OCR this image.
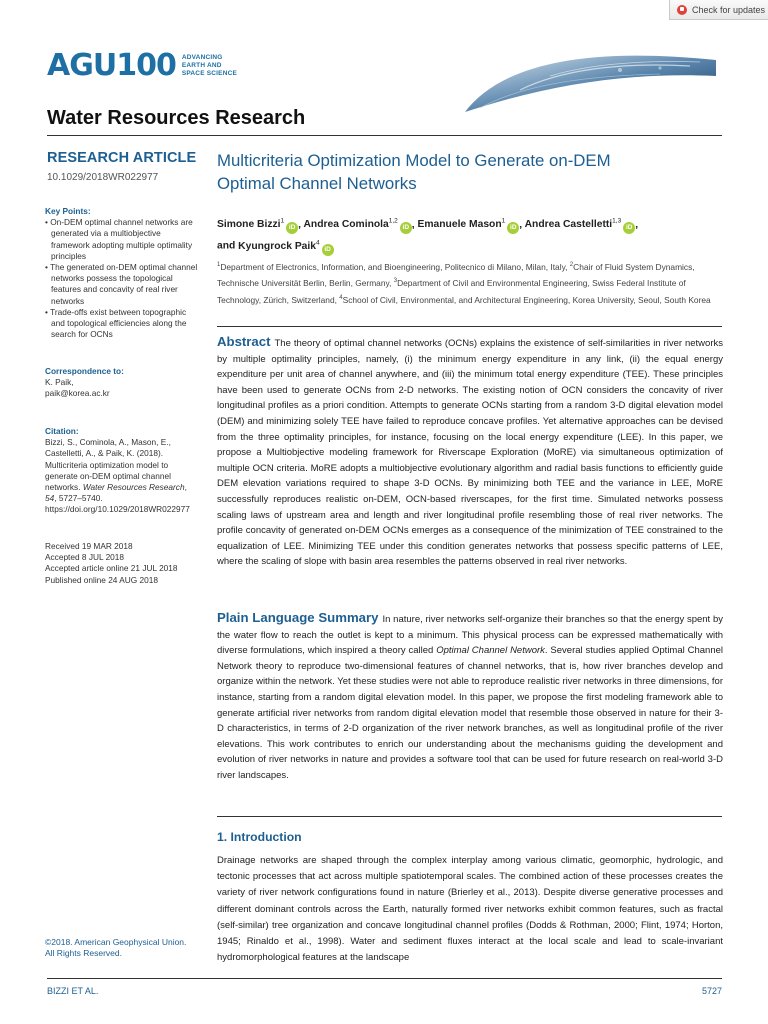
Check for updates
AGU100 ADVANCING
EARTH AND
SPACE SCIENCE
Water Resources Research
RESEARCH ARTICLE
10.1029/2018WR022977
Key Points:
• On-DEM optimal channel networks are generated via a multiobjective framework adopting multiple optimality principles
• The generated on-DEM optimal channel networks possess the topological features and concavity of real river networks
• Trade-offs exist between topographic and topological efficiencies along the search for OCNs
Correspondence to:
K. Paik,
paik@korea.ac.kr
Citation:
Bizzi, S., Cominola, A., Mason, E., Castelletti, A., & Paik, K. (2018). Multicriteria optimization model to generate on-DEM optimal channel networks. Water Resources Research, 54, 5727–5740.
https://doi.org/10.1029/2018WR022977
Received 19 MAR 2018
Accepted 8 JUL 2018
Accepted article online 21 JUL 2018
Published online 24 AUG 2018
©2018. American Geophysical Union.
All Rights Reserved.
Multicriteria Optimization Model to Generate on-DEM
Optimal Channel Networks
Simone Bizzi$^1$iD , Andrea Cominola$^{1,2}$iD , Emanuele Mason$^1$iD , Andrea Castelletti$^{1,3}$iD ,
and Kyungrock Paik$^4$iD
$^1$Department of Electronics, Information, and Bioengineering, Politecnico di Milano, Milan, Italy, $^2$Chair of Fluid System Dynamics, Technische Universität Berlin, Berlin, Germany, $^3$Department of Civil and Environmental Engineering, Swiss Federal Institute of Technology, Zürich, Switzerland, $^4$School of Civil, Environmental, and Architectural Engineering, Korea University, Seoul, South Korea
Abstract The theory of optimal channel networks (OCNs) explains the existence of self-similarities in river networks by multiple optimality principles, namely, (i) the minimum energy expenditure in any link, (ii) the equal energy expenditure per unit area of channel anywhere, and (iii) the minimum total energy expenditure (TEE). These principles have been used to generate OCNs from 2-D networks. The existing notion of OCN considers the concavity of river longitudinal profiles as a priori condition. Attempts to generate OCNs starting from a random 3-D digital elevation model (DEM) and minimizing solely TEE have failed to reproduce concave profiles. Yet alternative approaches can be devised from the three optimality principles, for instance, focusing on the local energy expenditure (LEE). In this paper, we propose a Multiobjective modeling framework for Riverscape Exploration (MoRE) via simultaneous optimization of multiple OCN criteria. MoRE adopts a multiobjective evolutionary algorithm and radial basis functions to efficiently guide DEM elevation variations required to shape 3-D OCNs. By minimizing both TEE and the variance in LEE, MoRE successfully reproduces realistic on-DEM, OCN-based riverscapes, for the first time. Simulated networks possess scaling laws of upstream area and length and river longitudinal profile resembling those of real river networks. The profile concavity of generated on-DEM OCNs emerges as a consequence of the minimization of TEE constrained to the equalization of LEE. Minimizing TEE under this condition generates networks that possess specific patterns of LEE, where the scaling of slope with basin area resembles the patterns observed in real river networks.
Plain Language Summary In nature, river networks self-organize their branches so that the energy spent by the water flow to reach the outlet is kept to a minimum. This physical process can be expressed mathematically with diverse formulations, which inspired a theory called Optimal Channel Network. Several studies applied Optimal Channel Network theory to reproduce two-dimensional features of channel networks, that is, how river branches develop and organize within the network. Yet these studies were not able to reproduce realistic river networks in three dimensions, for instance, starting from a random digital elevation model. In this paper, we propose the first modeling framework able to generate artificial river networks from random digital elevation model that resemble those observed in nature for their 3-D characteristics, in terms of 2-D organization of the river network branches, as well as longitudinal profile of the river elevations. This work contributes to enrich our understanding about the mechanisms guiding the development and evolution of river networks in nature and provides a software tool that can be used for future research on real-world 3-D river landscapes.
1. Introduction
Drainage networks are shaped through the complex interplay among various climatic, geomorphic, hydrologic, and tectonic processes that act across multiple spatiotemporal scales. The combined action of these processes creates the variety of river network configurations found in nature (Brierley et al., 2013). Despite diverse generative processes and different dominant controls across the Earth, naturally formed river networks exhibit common features, such as fractal (self-similar) tree organization and concave longitudinal channel profiles (Dodds & Rothman, 2000; Flint, 1974; Horton, 1945; Rinaldo et al., 1998). Water and sediment fluxes interact at the local scale and lead to scale-invariant hydromorphological features at the landscape
BIZZI ET AL.	5727
